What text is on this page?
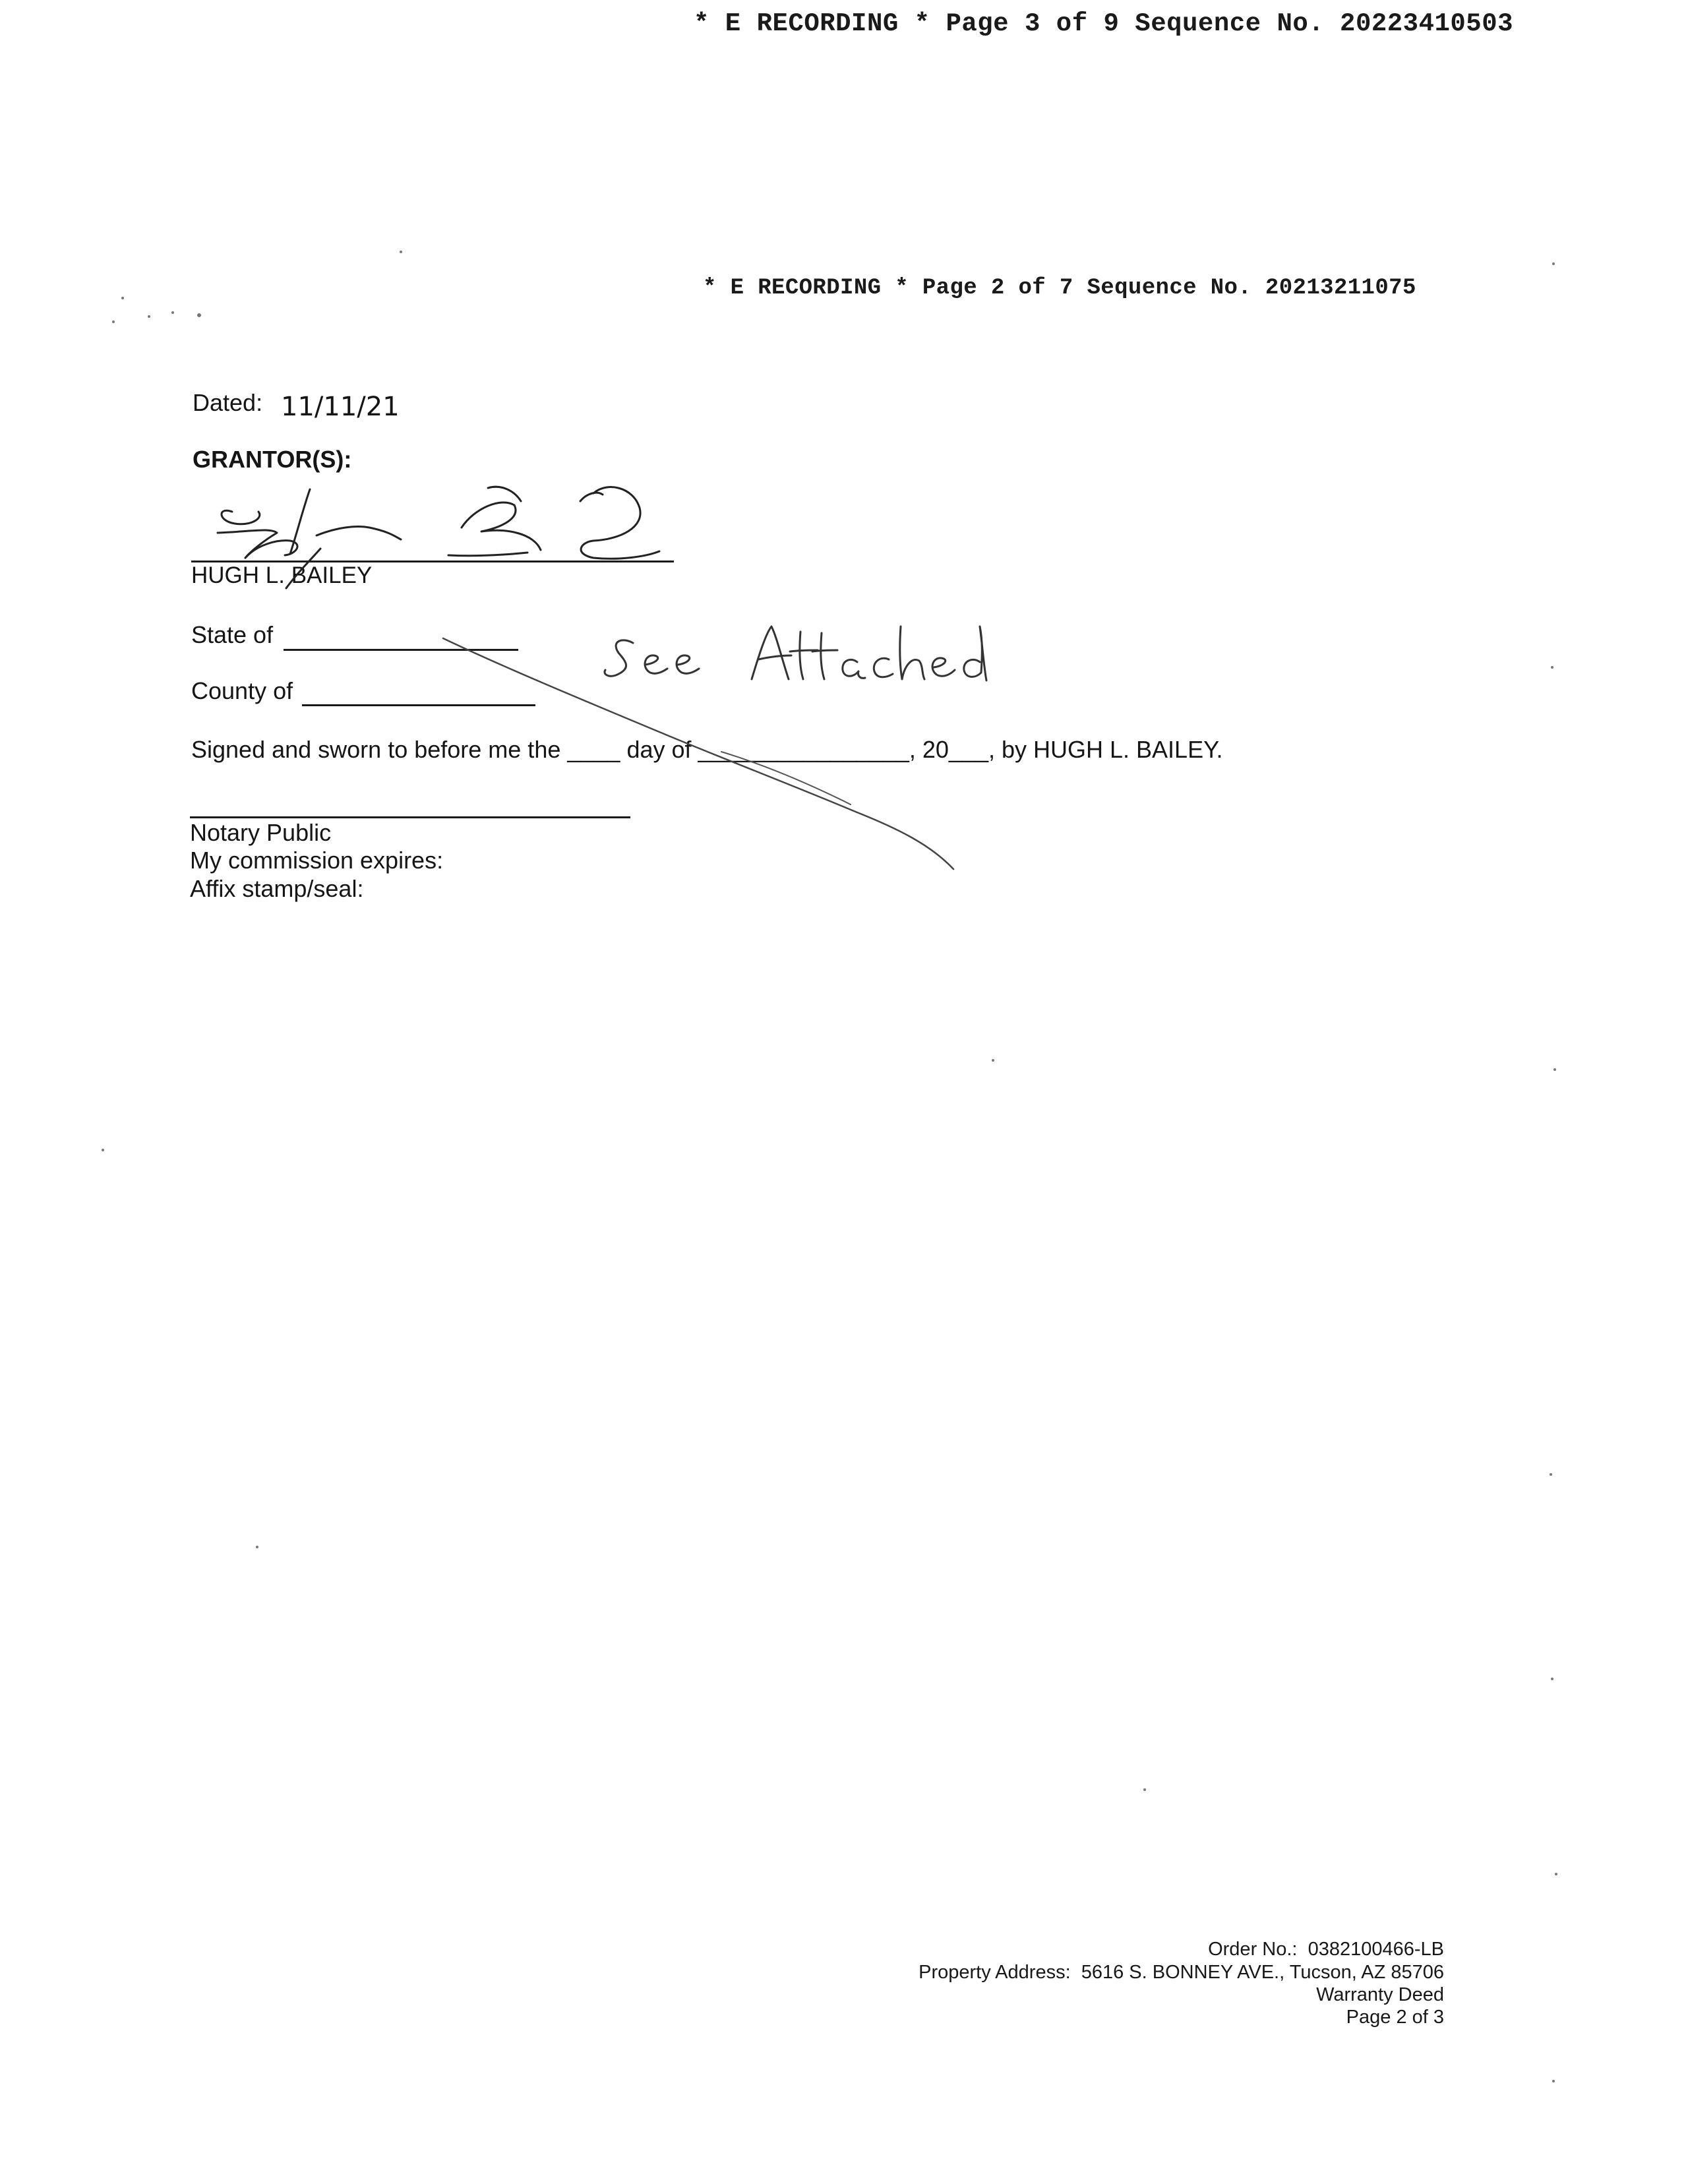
* E RECORDING * Page 3 of 9 Sequence No. 20223410503
* E RECORDING * Page 2 of 7 Sequence No. 20213211075
Dated: 11/11/21
GRANTOR(S):
HUGH L. BAILEY
State of
County of
Signed and sworn to before me the ____ day of ________________, 20___, by HUGH L. BAILEY.
Notary Public
My commission expires:
Affix stamp/seal:
Order No.:  0382100466-LB
Property Address:  5616 S. BONNEY AVE., Tucson, AZ 85706
Warranty Deed
Page 2 of 3
